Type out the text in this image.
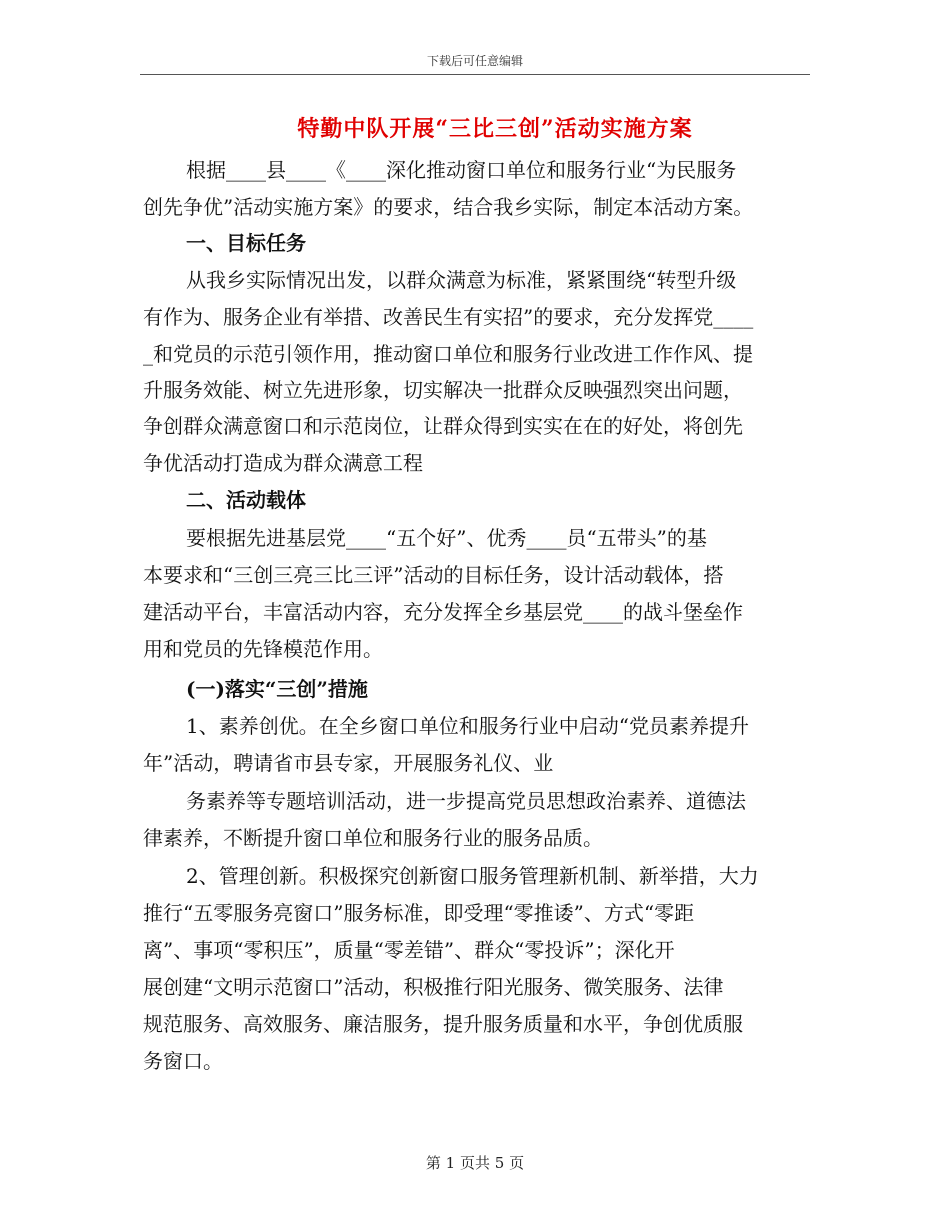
下载后可任意编辑
特勤中队开展“三比三创”活动实施方案

根据____县____《____深化推动窗口单位和服务行业“为民服务

创先争优”活动实施方案》的要求，结合我乡实际，制定本活动方案。

一、目标任务

从我乡实际情况出发，以群众满意为标准，紧紧围绕“转型升级

有作为、服务企业有举措、改善民生有实招”的要求，充分发挥党____

_和党员的示范引领作用，推动窗口单位和服务行业改进工作作风、提

升服务效能、树立先进形象，切实解决一批群众反映强烈突出问题，

争创群众满意窗口和示范岗位，让群众得到实实在在的好处，将创先

争优活动打造成为群众满意工程

二、活动载体

要根据先进基层党____“五个好”、优秀____员“五带头”的基

本要求和“三创三亮三比三评”活动的目标任务，设计活动载体，搭

建活动平台，丰富活动内容，充分发挥全乡基层党____的战斗堡垒作

用和党员的先锋模范作用。

(一)落实“三创”措施

1、素养创优。在全乡窗口单位和服务行业中启动“党员素养提升

年”活动，聘请省市县专家，开展服务礼仪、业

务素养等专题培训活动，进一步提高党员思想政治素养、道德法

律素养，不断提升窗口单位和服务行业的服务品质。

2、管理创新。积极探究创新窗口服务管理新机制、新举措，大力

推行“五零服务亮窗口”服务标准，即受理“零推诿”、方式“零距

离”、事项“零积压”，质量“零差错”、群众“零投诉”；深化开

展创建“文明示范窗口”活动，积极推行阳光服务、微笑服务、法律

规范服务、高效服务、廉洁服务，提升服务质量和水平，争创优质服

务窗口。

第 1 页共 5 页
